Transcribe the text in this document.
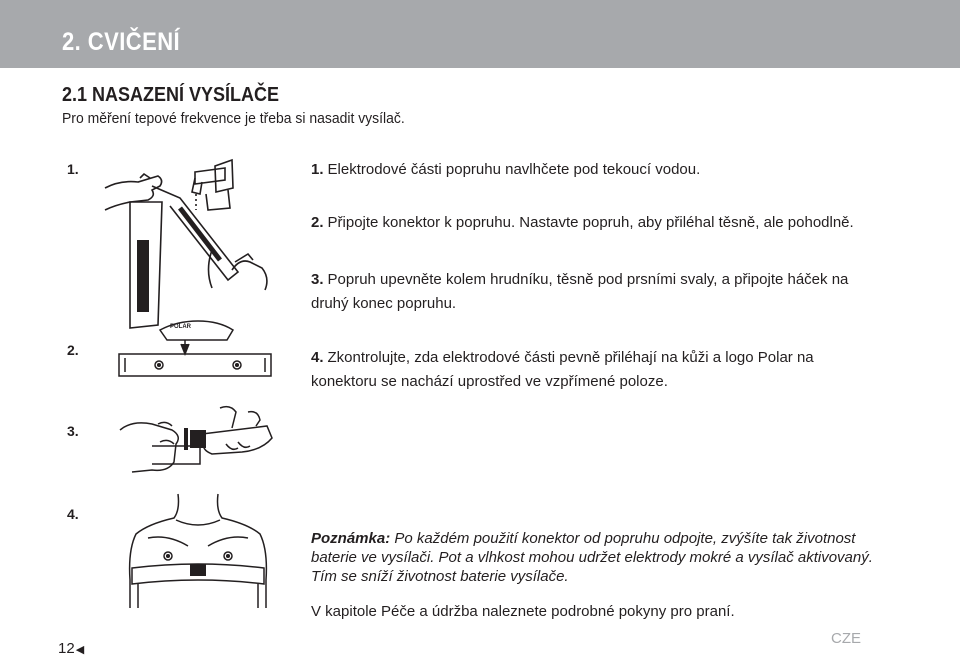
2. CVIČENÍ
2.1 NASAZENÍ VYSÍLAČE
Pro měření tepové frekvence je třeba si nasadit vysílač.
1.
2.
POLAR
3.
4.
1. Elektrodové části popruhu navlhčete pod tekoucí vodou.
2. Připojte konektor k popruhu. Nastavte popruh, aby přiléhal těsně, ale pohodlně.
3. Popruh upevněte kolem hrudníku, těsně pod prsními svaly, a připojte háček na druhý konec popruhu.
4. Zkontrolujte, zda elektrodové části pevně přiléhají na kůži a logo Polar na konektoru se nachází uprostřed ve vzpřímené poloze.
Poznámka: Po každém použití konektor od popruhu odpojte, zvýšíte tak životnost baterie ve vysílači. Pot a vlhkost mohou udržet elektrody mokré a vysílač aktivovaný. Tím se sníží životnost baterie vysílače.
V kapitole Péče a údržba naleznete podrobné pokyny pro praní.
12◀
CZE
